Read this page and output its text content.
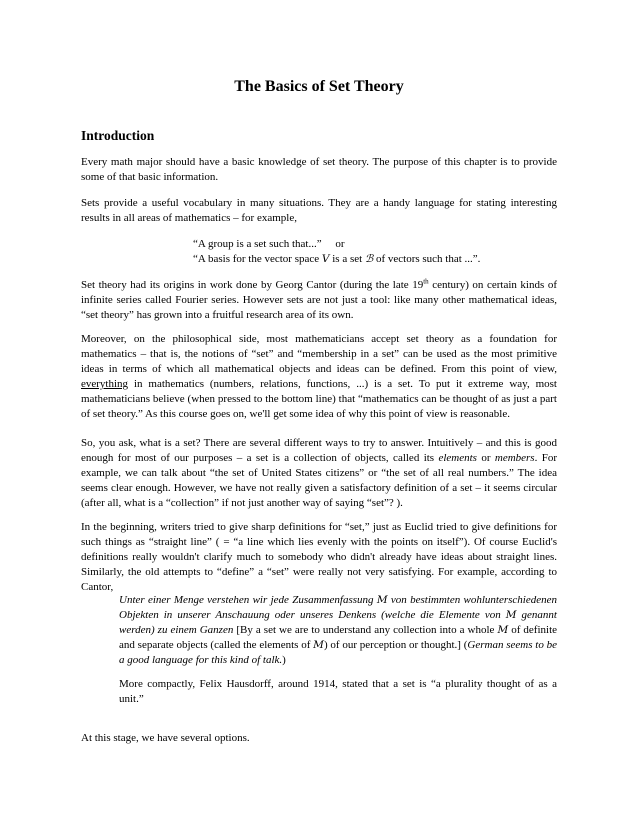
The Basics of Set Theory
Introduction

Every math major should have a basic knowledge of set theory. The purpose of this chapter is to provide some of that basic information.

Sets provide a useful vocabulary in many situations. They are a handy language for stating interesting results in all areas of mathematics – for example,

“A group is a set such that...” or

“A basis for the vector space V is a set ℬ of vectors such that ...”.

Set theory had its origins in work done by Georg Cantor (during the late 19th century) on certain kinds of infinite series called Fourier series. However sets are not just a tool: like many other mathematical ideas, “set theory” has grown into a fruitful research area of its own.

Moreover, on the philosophical side, most mathematicians accept set theory as a foundation for mathematics – that is, the notions of “set” and “membership in a set” can be used as the most primitive ideas in terms of which all mathematical objects and ideas can be defined. From this point of view, everything in mathematics (numbers, relations, functions, ...) is a set. To put it extreme way, most mathematicians believe (when pressed to the bottom line) that “mathematics can be thought of as just a part of set theory.” As this course goes on, we'll get some idea of why this point of view is reasonable.

So, you ask, what is a set? There are several different ways to try to answer. Intuitively – and this is good enough for most of our purposes – a set is a collection of objects, called its elements or members. For example, we can talk about “the set of United States citizens” or “the set of all real numbers.” The idea seems clear enough. However, we have not really given a satisfactory definition of a set – it seems circular (after all, what is a “collection” if not just another way of saying “set”? ).

In the beginning, writers tried to give sharp definitions for “set,” just as Euclid tried to give definitions for such things as “straight line” ( = “a line which lies evenly with the points on itself”). Of course Euclid's definitions really wouldn't clarify much to somebody who didn't already have ideas about straight lines. Similarly, the old attempts to “define” a “set” were really not very satisfying. For example, according to Cantor,

Unter einer Menge verstehen wir jede Zusammenfassung M von bestimmten wohlunterschiedenen Objekten in unserer Anschauung oder unseres Denkens (welche die Elemente von M genannt werden) zu einem Ganzen [By a set we are to understand any collection into a whole M of definite and separate objects (called the elements of M) of our perception or thought.] (German seems to be a good language for this kind of talk.)

More compactly, Felix Hausdorff, around 1914, stated that a set is “a plurality thought of as a unit.”

At this stage, we have several options.
